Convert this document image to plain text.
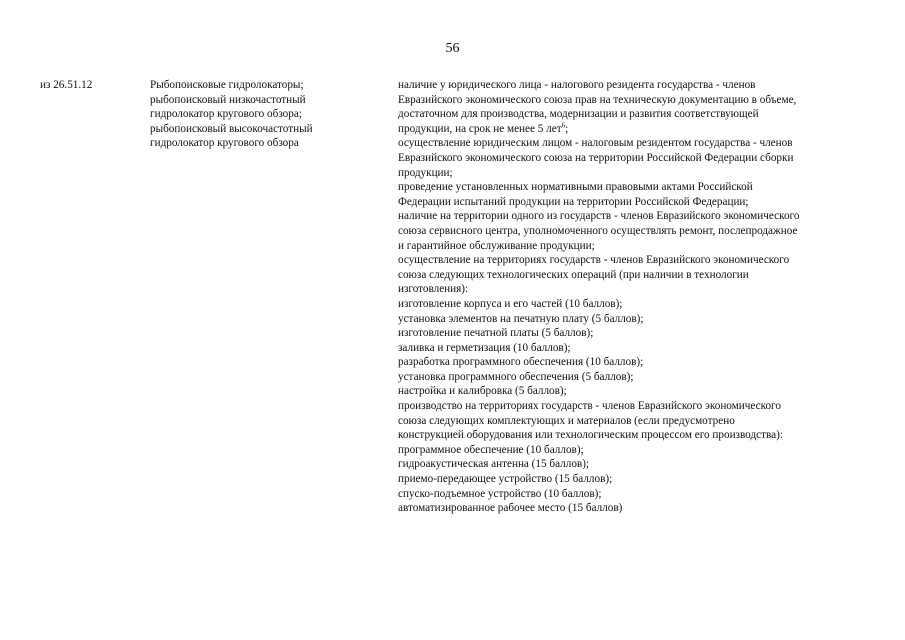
56
из 26.51.12	Рыбопоисковые гидролокаторы;
рыбопоисковый низкочастотный
гидролокатор кругового обзора;
рыбопоисковый высокочастотный
гидролокатор кругового обзора
наличие у юридического лица - налогового резидента государства - членов
Евразийского экономического союза прав на техническую документацию в объеме,
достаточном для производства, модернизации и развития соответствующей
продукции, на срок не менее 5 лет$^6$;
осуществление юридическим лицом - налоговым резидентом государства - членов
Евразийского экономического союза на территории Российской Федерации сборки
продукции;
проведение установленных нормативными правовыми актами Российской
Федерации испытаний продукции на территории Российской Федерации;
наличие на территории одного из государств - членов Евразийского экономического
союза сервисного центра, уполномоченного осуществлять ремонт, послепродажное
и гарантийное обслуживание продукции;
осуществление на территориях государств - членов Евразийского экономического
союза следующих технологических операций (при наличии в технологии
изготовления):
изготовление корпуса и его частей (10 баллов);
установка элементов на печатную плату (5 баллов);
изготовление печатной платы (5 баллов);
заливка и герметизация (10 баллов);
разработка программного обеспечения (10 баллов);
установка программного обеспечения (5 баллов);
настройка и калибровка (5 баллов);
производство на территориях государств - членов Евразийского экономического
союза следующих комплектующих и материалов (если предусмотрено
конструкцией оборудования или технологическим процессом его производства):
программное обеспечение (10 баллов);
гидроакустическая антенна (15 баллов);
приемо-передающее устройство (15 баллов);
спуско-подъемное устройство (10 баллов);
автоматизированное рабочее место (15 баллов)
